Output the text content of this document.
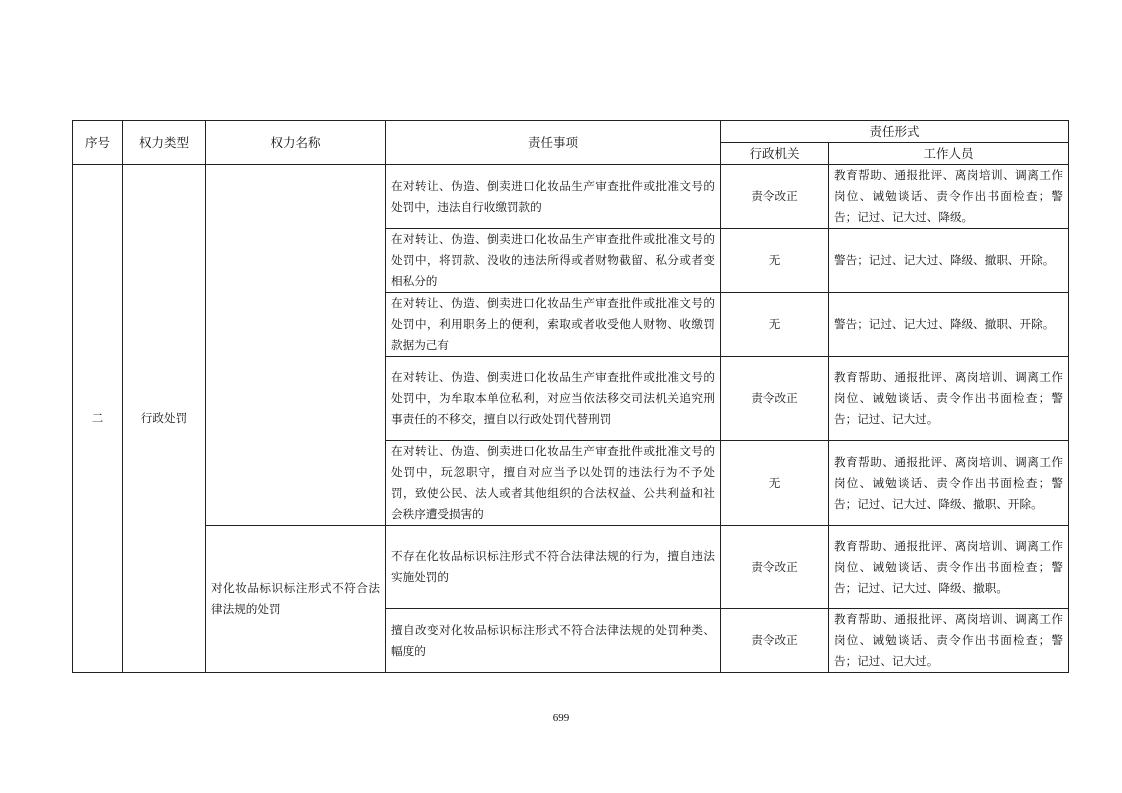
序号	权力类型	权力名称	责任事项	责任形式	
				行政机关	工作人员
二	行政处罚		在对转让、伪造、倒卖进口化妆品生产审查批件或批准文号的处罚中，违法自行收缴罚款的	责令改正	教育帮助、通报批评、离岗培训、调离工作岗位、诫勉谈话、责令作出书面检查；警告；记过、记大过、降级。
			在对转让、伪造、倒卖进口化妆品生产审查批件或批准文号的处罚中，将罚款、没收的违法所得或者财物截留、私分或者变相私分的	无	警告；记过、记大过、降级、撤职、开除。
			在对转让、伪造、倒卖进口化妆品生产审查批件或批准文号的处罚中，利用职务上的便利，索取或者收受他人财物、收缴罚款据为己有	无	警告；记过、记大过、降级、撤职、开除。
			在对转让、伪造、倒卖进口化妆品生产审查批件或批准文号的处罚中，为牟取本单位私利，对应当依法移交司法机关追究刑事责任的不移交，擅自以行政处罚代替刑罚	责令改正	教育帮助、通报批评、离岗培训、调离工作岗位、诫勉谈话、责令作出书面检查；警告；记过、记大过。
			在对转让、伪造、倒卖进口化妆品生产审查批件或批准文号的处罚中，玩忽职守，擅自对应当予以处罚的违法行为不予处罚，致使公民、法人或者其他组织的合法权益、公共利益和社会秩序遭受损害的	无	教育帮助、通报批评、离岗培训、调离工作岗位、诫勉谈话、责令作出书面检查；警告；记过、记大过、降级、撤职、开除。
		对化妆品标识标注形式不符合法律法规的处罚	不存在化妆品标识标注形式不符合法律法规的行为，擅自违法实施处罚的	责令改正	教育帮助、通报批评、离岗培训、调离工作岗位、诫勉谈话、责令作出书面检查；警告；记过、记大过、降级、撤职。
			擅自改变对化妆品标识标注形式不符合法律法规的处罚种类、幅度的	责令改正	教育帮助、通报批评、离岗培训、调离工作岗位、诫勉谈话、责令作出书面检查；警告；记过、记大过。
699
